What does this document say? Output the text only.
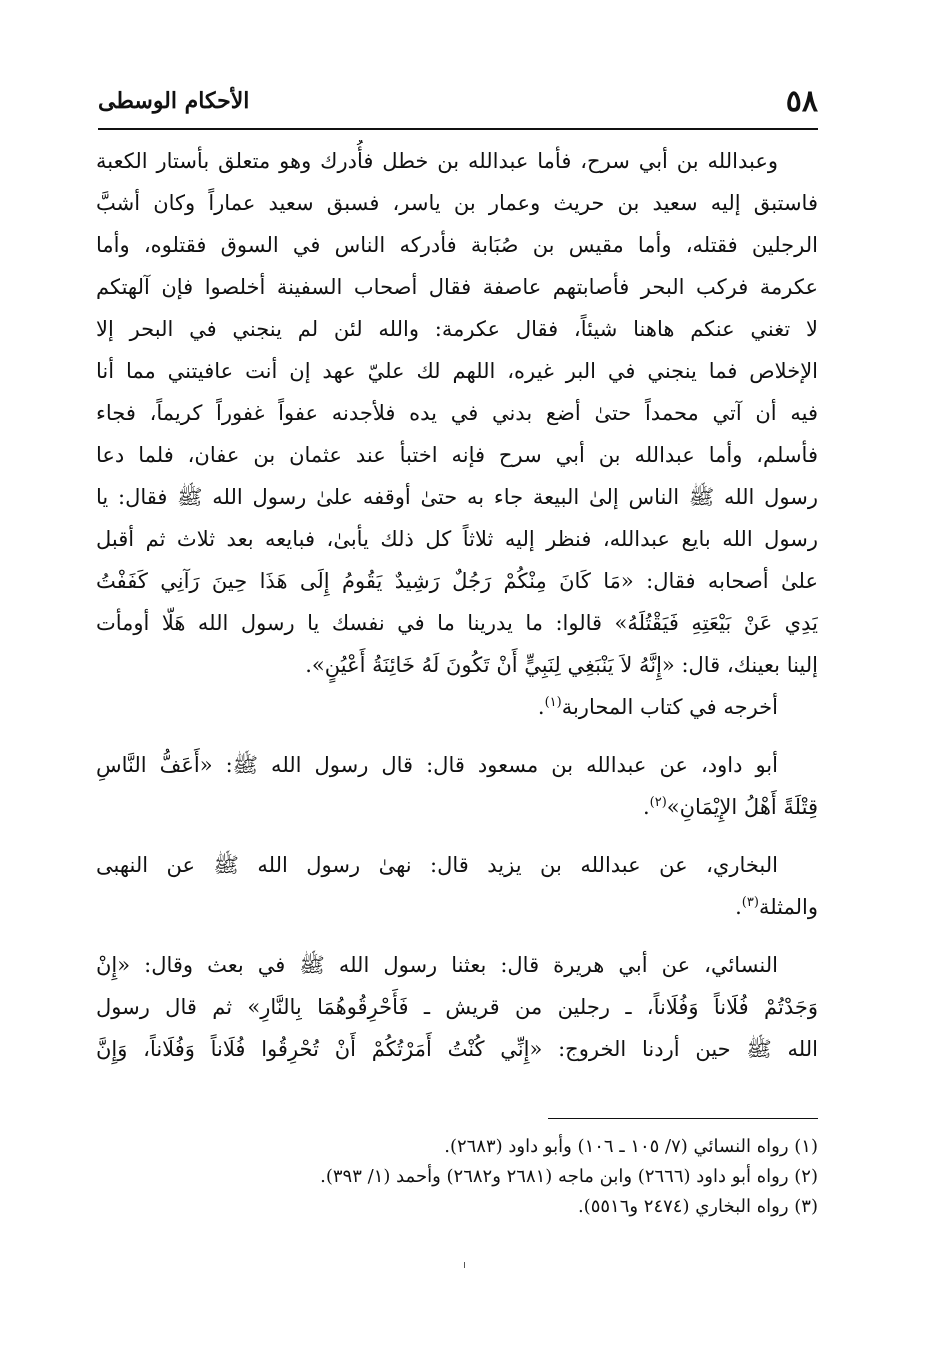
٥٨
الأحكام الوسطى
وعبدالله بن أبي سرح، فأما عبدالله بن خطل فأُدرك وهو متعلق بأستار الكعبة
فاستبق إليه سعيد بن حريث وعمار بن ياسر، فسبق سعيد عماراً وكان أشبَّ
الرجلين فقتله، وأما مقيس بن صُبَابة فأدركه الناس في السوق فقتلوه، وأما
عكرمة فركب البحر فأصابتهم عاصفة فقال أصحاب السفينة أخلصوا فإن آلهتكم
لا تغني عنكم هاهنا شيئاً، فقال عكرمة: والله لئن لم ينجني في البحر إلا
الإخلاص فما ينجني في البر غيره، اللهم لك عليّ عهد إن أنت عافيتني مما أنا
فيه أن آتي محمداً حتىٰ أضع بدني في يده فلأجدنه عفواً غفوراً كريماً، فجاء
فأسلم، وأما عبدالله بن أبي سرح فإنه اختبأ عند عثمان بن عفان، فلما دعا
رسول الله ﷺ الناس إلىٰ البيعة جاء به حتىٰ أوقفه علىٰ رسول الله ﷺ فقال: يا
رسول الله بايع عبدالله، فنظر إليه ثلاثاً كل ذلك يأبىٰ، فبايعه بعد ثلاث ثم أقبل
علىٰ أصحابه فقال: «مَا كَانَ مِنْكُمْ رَجُلٌ رَشِيدٌ يَقُومُ إِلَى هَذَا حِينَ رَآنِي كَفَفْتُ
يَدِي عَنْ بَيْعَتِهِ فَيَقْتُلَهُ» قالوا: ما يدرينا ما في نفسك يا رسول الله هَلّا أومأت
إلينا بعينك، قال: «إِنَّهُ لاَ يَنْبَغِي لِنَبِيٍّ أَنْ تَكُونَ لَهُ خَائِنَةُ أَعْيُنٍ».
أخرجه في كتاب المحاربة$^{(١)}$.
أبو داود، عن عبدالله بن مسعود قال: قال رسول الله ﷺ: «أَعَفُّ النَّاسِ
قِتْلَةً أَهْلُ الإِيْمَانِ»$^{(٢)}$.
البخاري، عن عبدالله بن يزيد قال: نهىٰ رسول الله ﷺ عن النهبى
والمثلة$^{(٣)}$.
النسائي، عن أبي هريرة قال: بعثنا رسول الله ﷺ في بعث وقال: «إِنْ
وَجَدْتُمْ فُلَاناً وَفُلَاناً، ـ رجلين من قريش ـ فَأَحْرِقُوهُمَا بِالنَّارِ» ثم قال رسول
الله ﷺ حين أردنا الخروج: «إِنِّي كُنْتُ أَمَرْتُكُمْ أَنْ تُحْرِقُوا فُلَاناً وَفُلَاناً، وَإِنَّ
(١) رواه النسائي (٧/ ١٠٥ ـ ١٠٦) وأبو داود (٢٦٨٣).
(٢) رواه أبو داود (٢٦٦٦) وابن ماجه (٢٦٨١ و٢٦٨٢) وأحمد (١/ ٣٩٣).
(٣) رواه البخاري (٢٤٧٤ و٥٥١٦).
